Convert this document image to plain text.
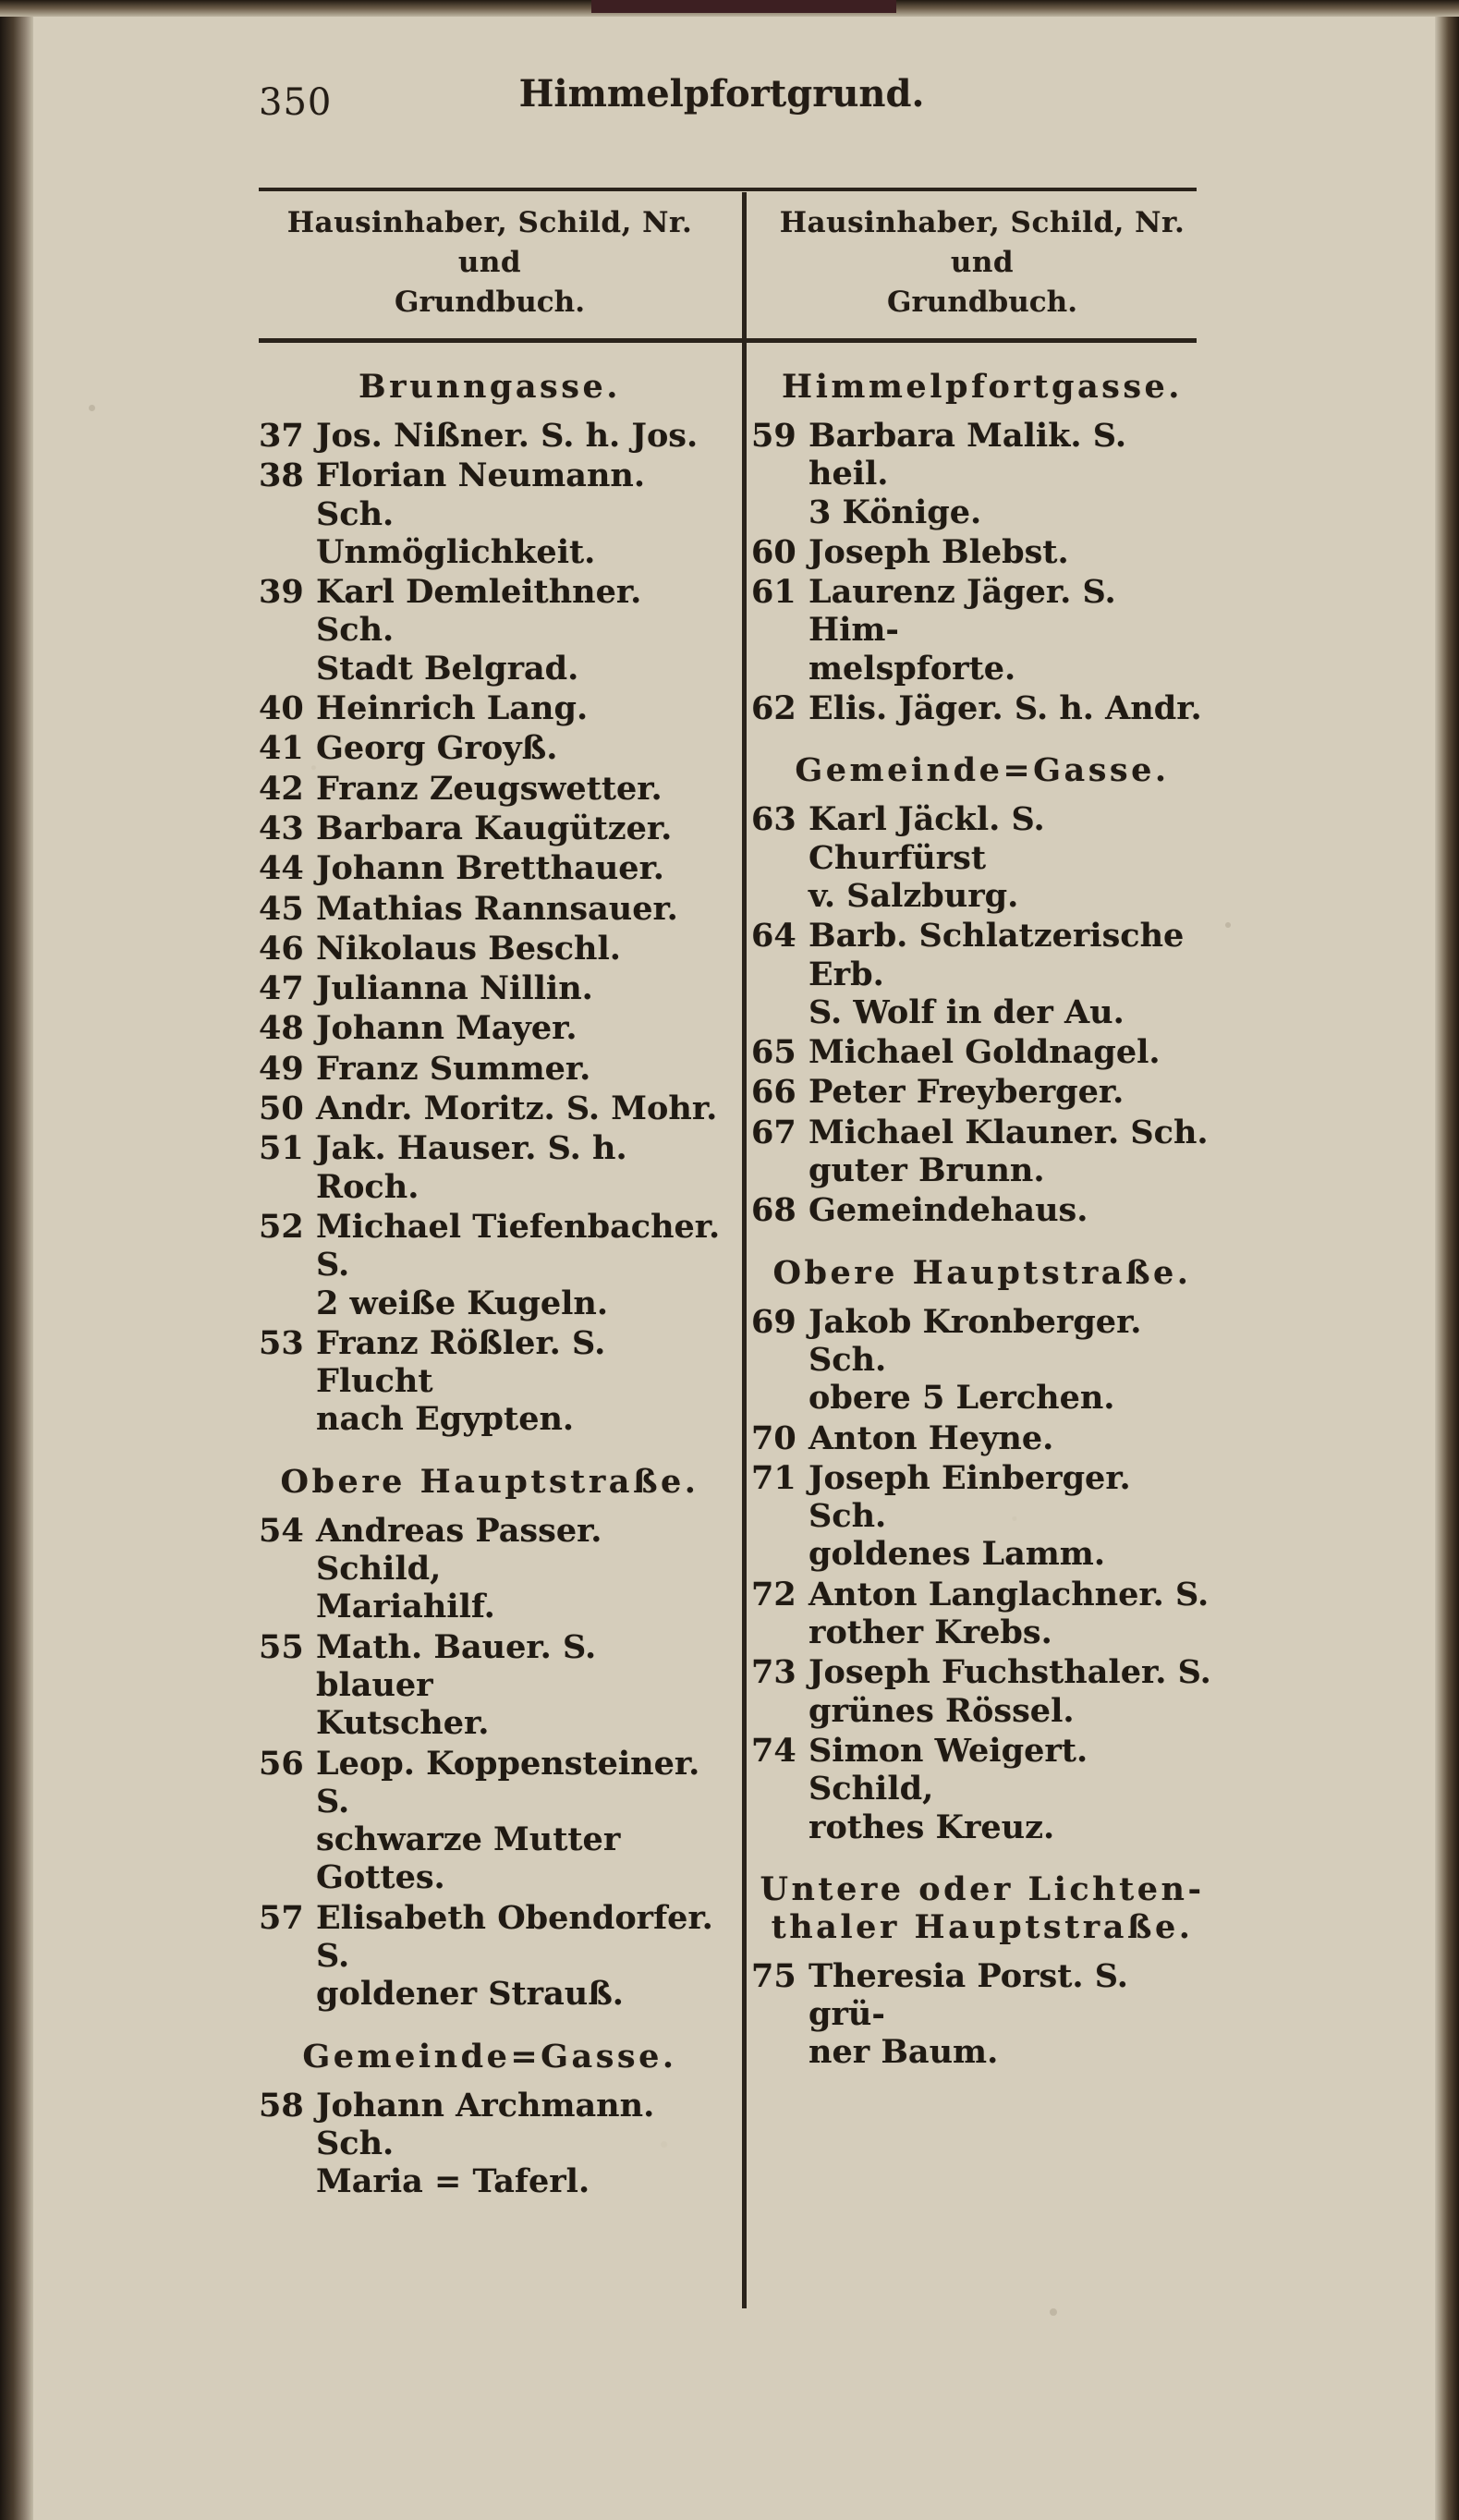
350	Himmelpfortgrund.
Hausinhaber, Schild, Nr. und
Grundbuch.
Hausinhaber, Schild, Nr. und
Grundbuch.
Brunngasse.
37 Jos. Nißner. S. h. Jos.
38 Florian Neumann. Sch.
Unmöglichkeit.
39 Karl Demleithner. Sch.
Stadt Belgrad.
40 Heinrich Lang.
41 Georg Groyß.
42 Franz Zeugswetter.
43 Barbara Kaugützer.
44 Johann Bretthauer.
45 Mathias Rannsauer.
46 Nikolaus Beschl.
47 Julianna Nillin.
48 Johann Mayer.
49 Franz Summer.
50 Andr. Moritz. S. Mohr.
51 Jak. Hauser. S. h. Roch.
52 Michael Tiefenbacher. S.
2 weiße Kugeln.
53 Franz Rößler. S. Flucht
nach Egypten.
Obere Hauptstraße.
54 Andreas Passer. Schild,
Mariahilf.
55 Math. Bauer. S. blauer
Kutscher.
56 Leop. Koppensteiner. S.
schwarze Mutter Gottes.
57 Elisabeth Obendorfer. S.
goldener Strauß.
Gemeinde=Gasse.
58 Johann Archmann. Sch.
Maria = Taferl.
Himmelpfortgasse.
59 Barbara Malik. S. heil.
3 Könige.
60 Joseph Blebst.
61 Laurenz Jäger. S. Him-
melspforte.
62 Elis. Jäger. S. h. Andr.
Gemeinde=Gasse.
63 Karl Jäckl. S. Churfürst
v. Salzburg.
64 Barb. Schlatzerische Erb.
S. Wolf in der Au.
65 Michael Goldnagel.
66 Peter Freyberger.
67 Michael Klauner. Sch.
guter Brunn.
68 Gemeindehaus.
Obere Hauptstraße.
69 Jakob Kronberger. Sch.
obere 5 Lerchen.
70 Anton Heyne.
71 Joseph Einberger. Sch.
goldenes Lamm.
72 Anton Langlachner. S.
rother Krebs.
73 Joseph Fuchsthaler. S.
grünes Rössel.
74 Simon Weigert. Schild,
rothes Kreuz.
Untere oder Lichten-
thaler Hauptstraße.
75 Theresia Porst. S. grü-
ner Baum.
